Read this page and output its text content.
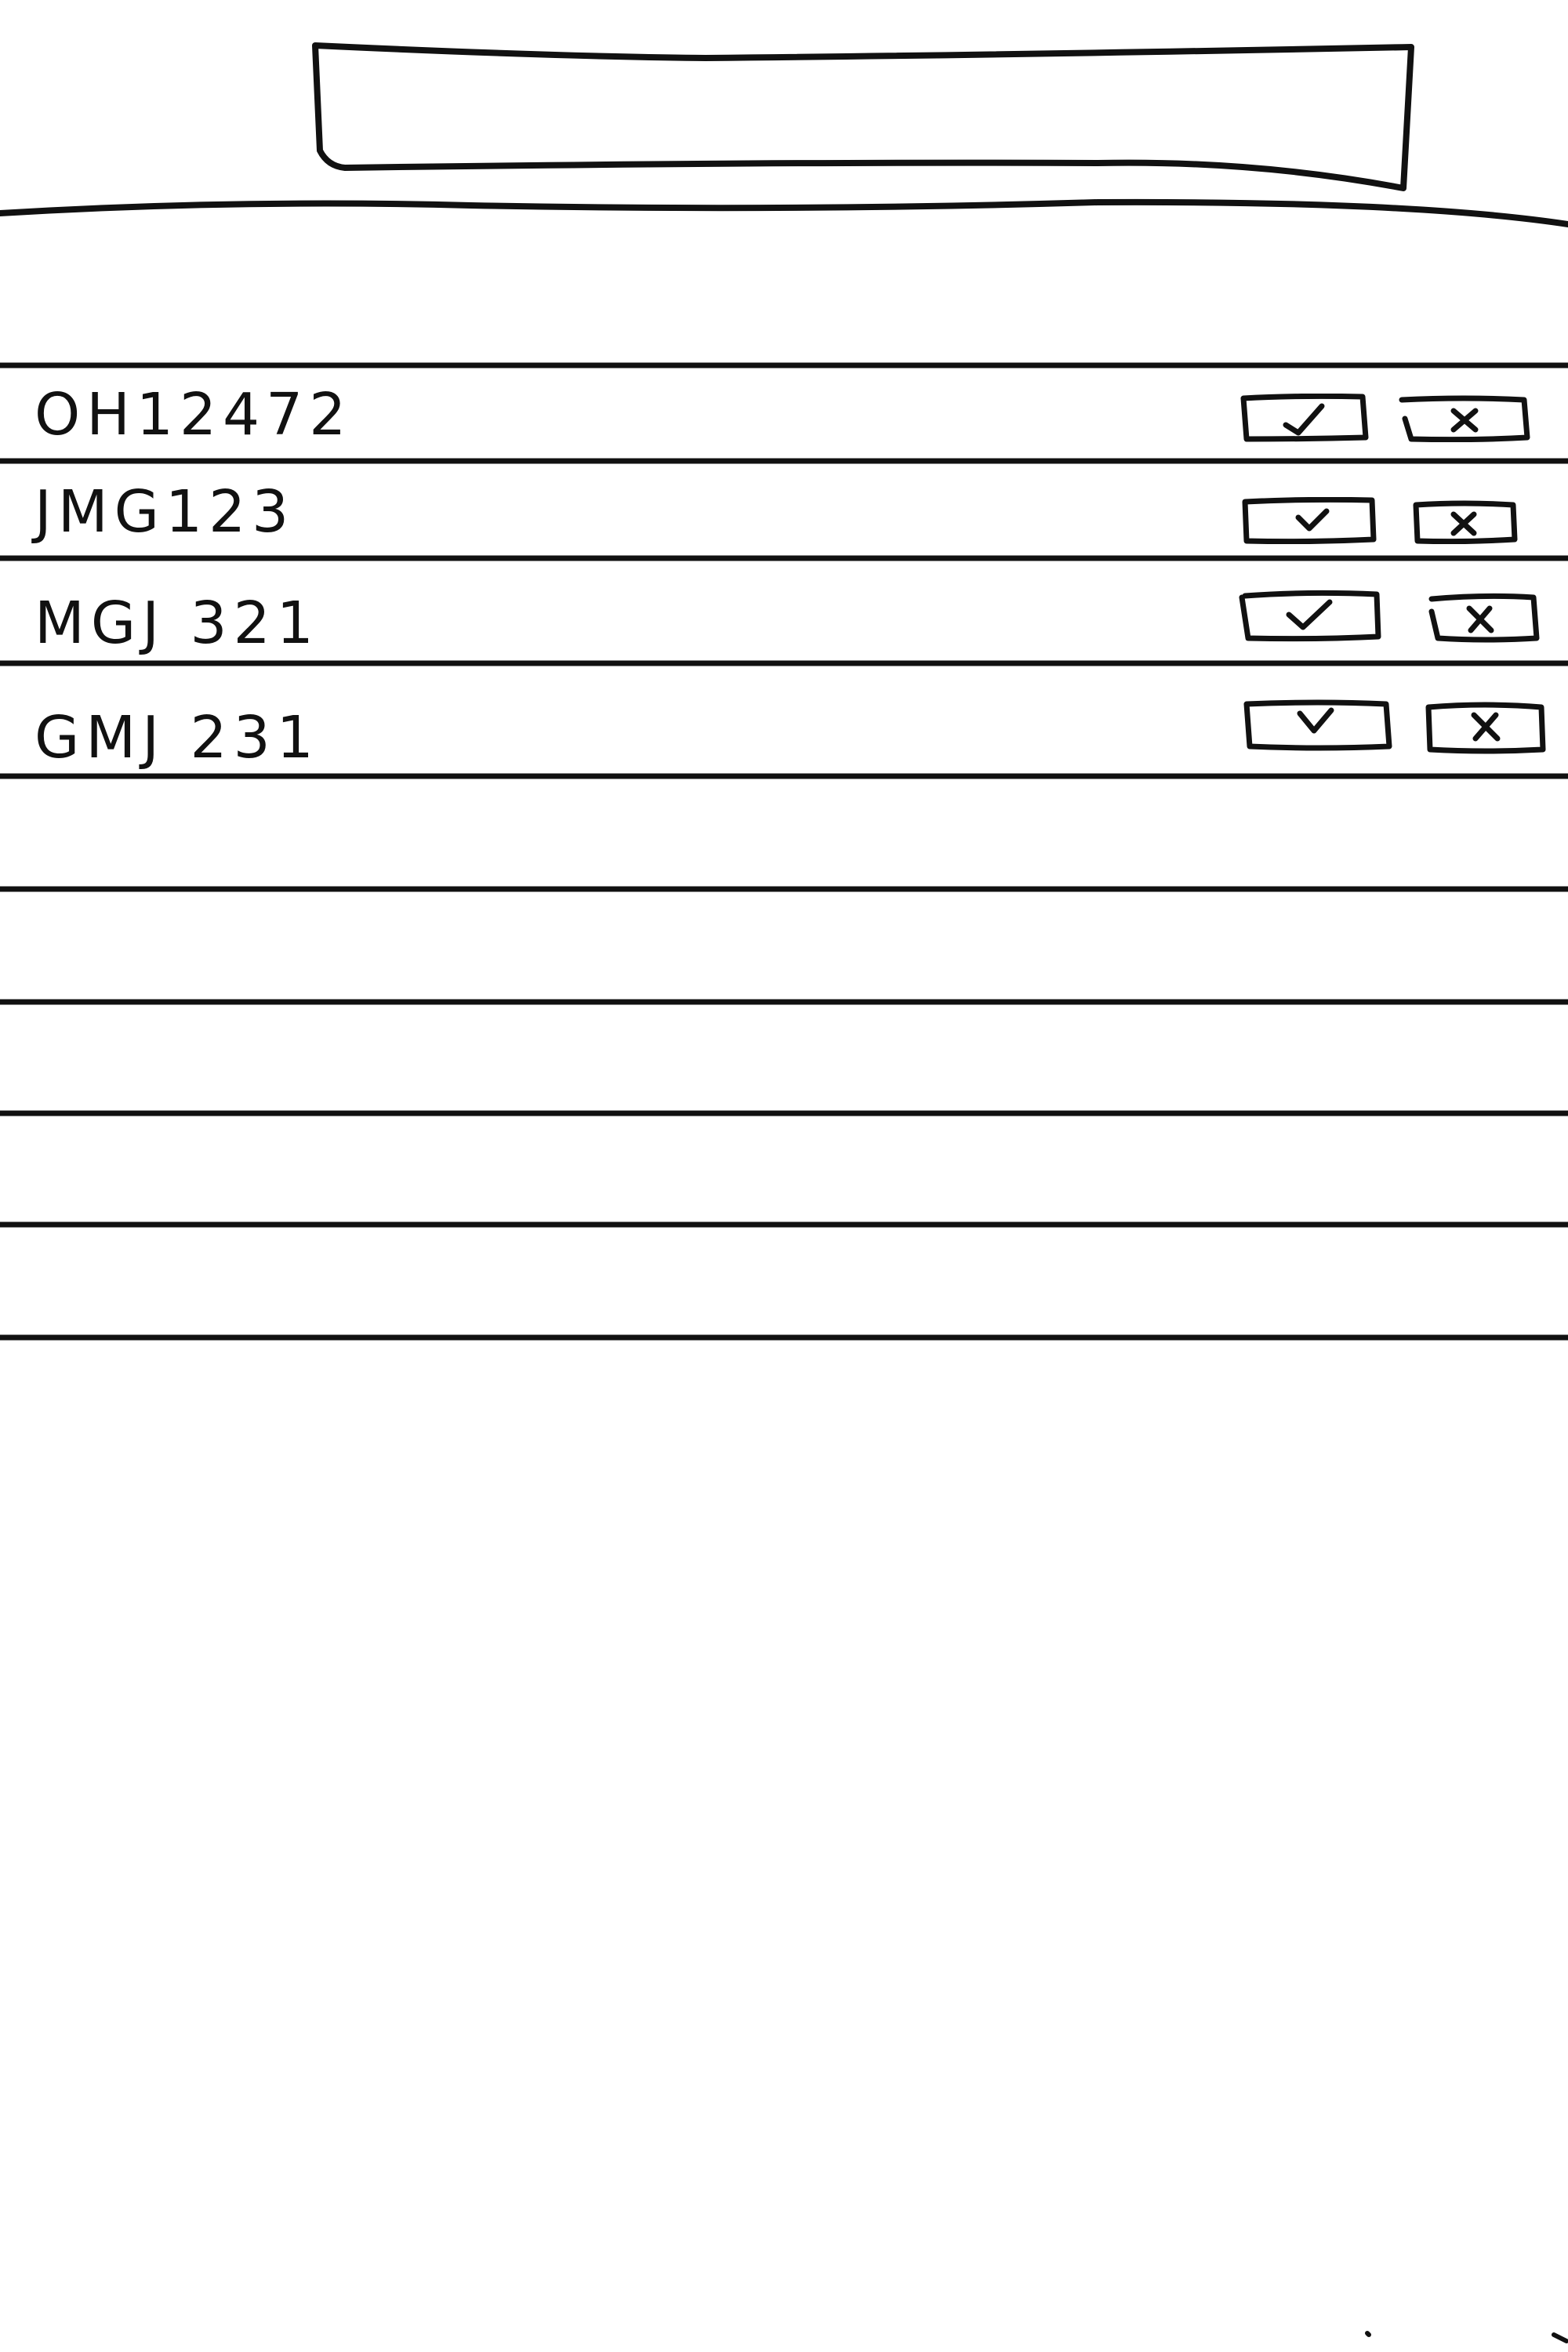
OH12472
JMG123
MGJ 321
GMJ 231
